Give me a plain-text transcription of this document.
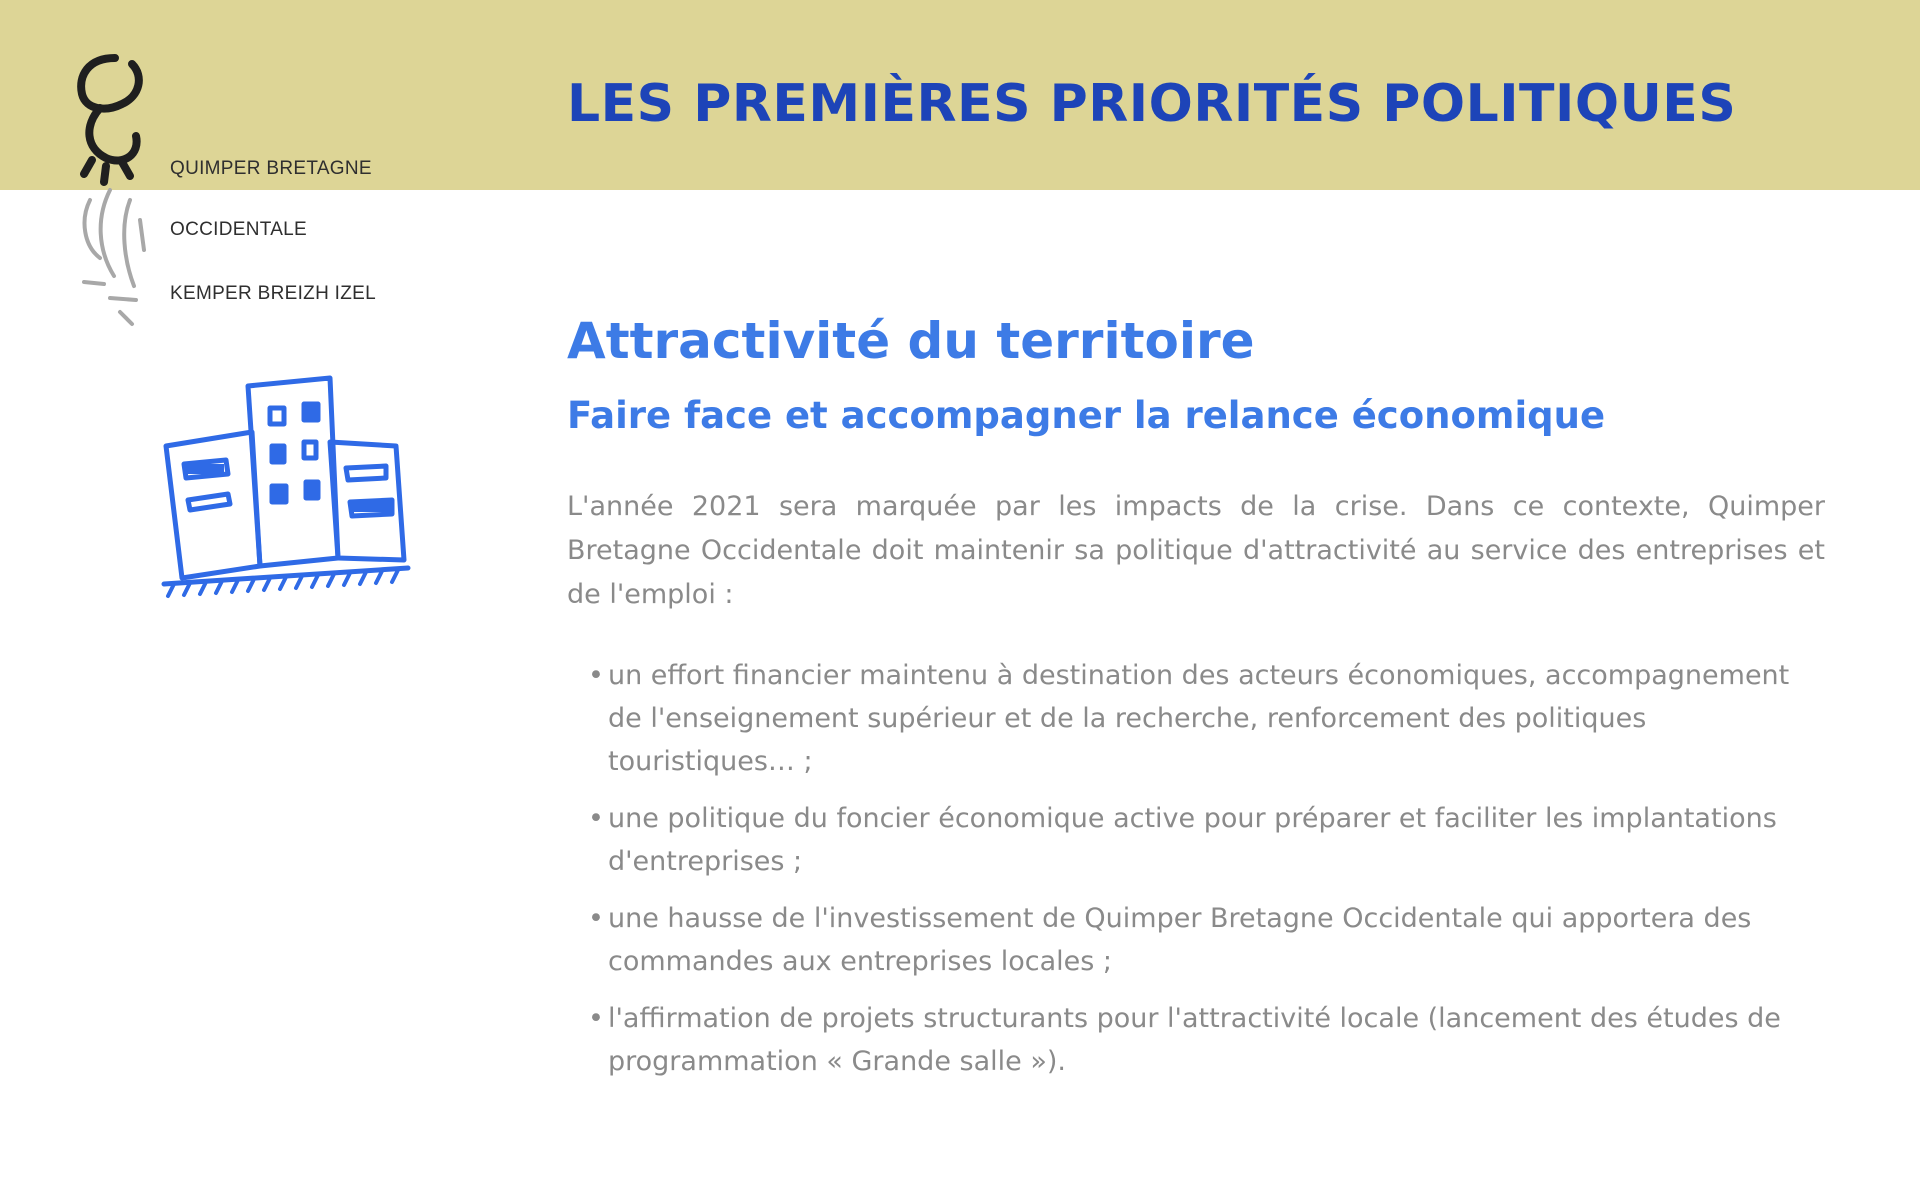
QUIMPER BRETAGNE
OCCIDENTALE
KEMPER BREIZH IZEL
LES PREMIÈRES PRIORITÉS POLITIQUES
Attractivité du territoire
Faire face et accompagner la relance économique

L'année 2021 sera marquée par les impacts de la crise. Dans ce contexte, Quimper Bretagne Occidentale doit maintenir sa politique d'attractivité au service des entreprises et de l'emploi :

• un effort financier maintenu à destination des acteurs économiques, accompagnement de l'enseignement supérieur et de la recherche, renforcement des politiques touristiques… ;
• une politique du foncier économique active pour préparer et faciliter les implantations d'entreprises ;
• une hausse de l'investissement de Quimper Bretagne Occidentale qui apportera des commandes aux entreprises locales ;
• l'affirmation de projets structurants pour l'attractivité locale (lancement des études de programmation « Grande salle »).
